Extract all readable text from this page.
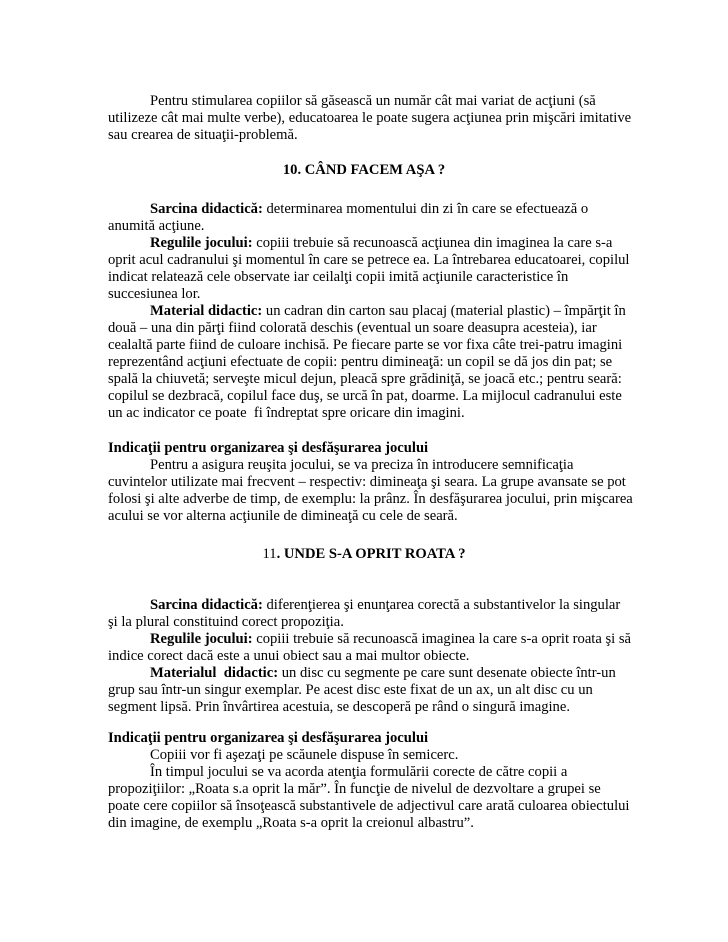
Pentru stimularea copiilor să găsească un număr cât mai variat de acţiuni (să
utilizeze cât mai multe verbe), educatoarea le poate sugera acţiunea prin mişcări imitative
sau crearea de situaţii-problemă.
10. CÂND FACEM AŞA ?
Sarcina didactică: determinarea momentului din zi în care se efectuează o
anumită acţiune.
Regulile jocului: copiii trebuie să recunoască acţiunea din imaginea la care s-a
oprit acul cadranului şi momentul în care se petrece ea. La întrebarea educatoarei, copilul
indicat relatează cele observate iar ceilalţi copii imită acţiunile caracteristice în
succesiunea lor.
Material didactic: un cadran din carton sau placaj (material plastic) – împărţit în
două – una din părţi fiind colorată deschis (eventual un soare deasupra acesteia), iar
cealaltă parte fiind de culoare inchisă. Pe fiecare parte se vor fixa câte trei-patru imagini
reprezentând acţiuni efectuate de copii: pentru dimineaţă: un copil se dă jos din pat; se
spală la chiuvetă; serveşte micul dejun, pleacă spre grădiniţă, se joacă etc.; pentru seară:
copilul se dezbracă, copilul face duş, se urcă în pat, doarme. La mijlocul cadranului este
un ac indicator ce poate  fi îndreptat spre oricare din imagini.
Indicaţii pentru organizarea şi desfăşurarea jocului
Pentru a asigura reuşita jocului, se va preciza în introducere semnificaţia
cuvintelor utilizate mai frecvent – respectiv: dimineaţa şi seara. La grupe avansate se pot
folosi şi alte adverbe de timp, de exemplu: la prânz. În desfăşurarea jocului, prin mişcarea
acului se vor alterna acţiunile de dimineaţă cu cele de seară.
11. UNDE S-A OPRIT ROATA ?
Sarcina didactică: diferenţierea şi enunţarea corectă a substantivelor la singular
şi la plural constituind corect propoziţia.
Regulile jocului: copiii trebuie să recunoască imaginea la care s-a oprit roata şi să
indice corect dacă este a unui obiect sau a mai multor obiecte.
Materialul  didactic: un disc cu segmente pe care sunt desenate obiecte într-un
grup sau într-un singur exemplar. Pe acest disc este fixat de un ax, un alt disc cu un
segment lipsă. Prin învârtirea acestuia, se descoperă pe rând o singură imagine.
Indicaţii pentru organizarea şi desfăşurarea jocului
Copiii vor fi aşezaţi pe scăunele dispuse în semicerc.
În timpul jocului se va acorda atenţia formulării corecte de către copii a
propoziţiilor: „Roata s.a oprit la măr”. În funcţie de nivelul de dezvoltare a grupei se
poate cere copiilor să însoţească substantivele de adjectivul care arată culoarea obiectului
din imagine, de exemplu „Roata s-a oprit la creionul albastru”.
